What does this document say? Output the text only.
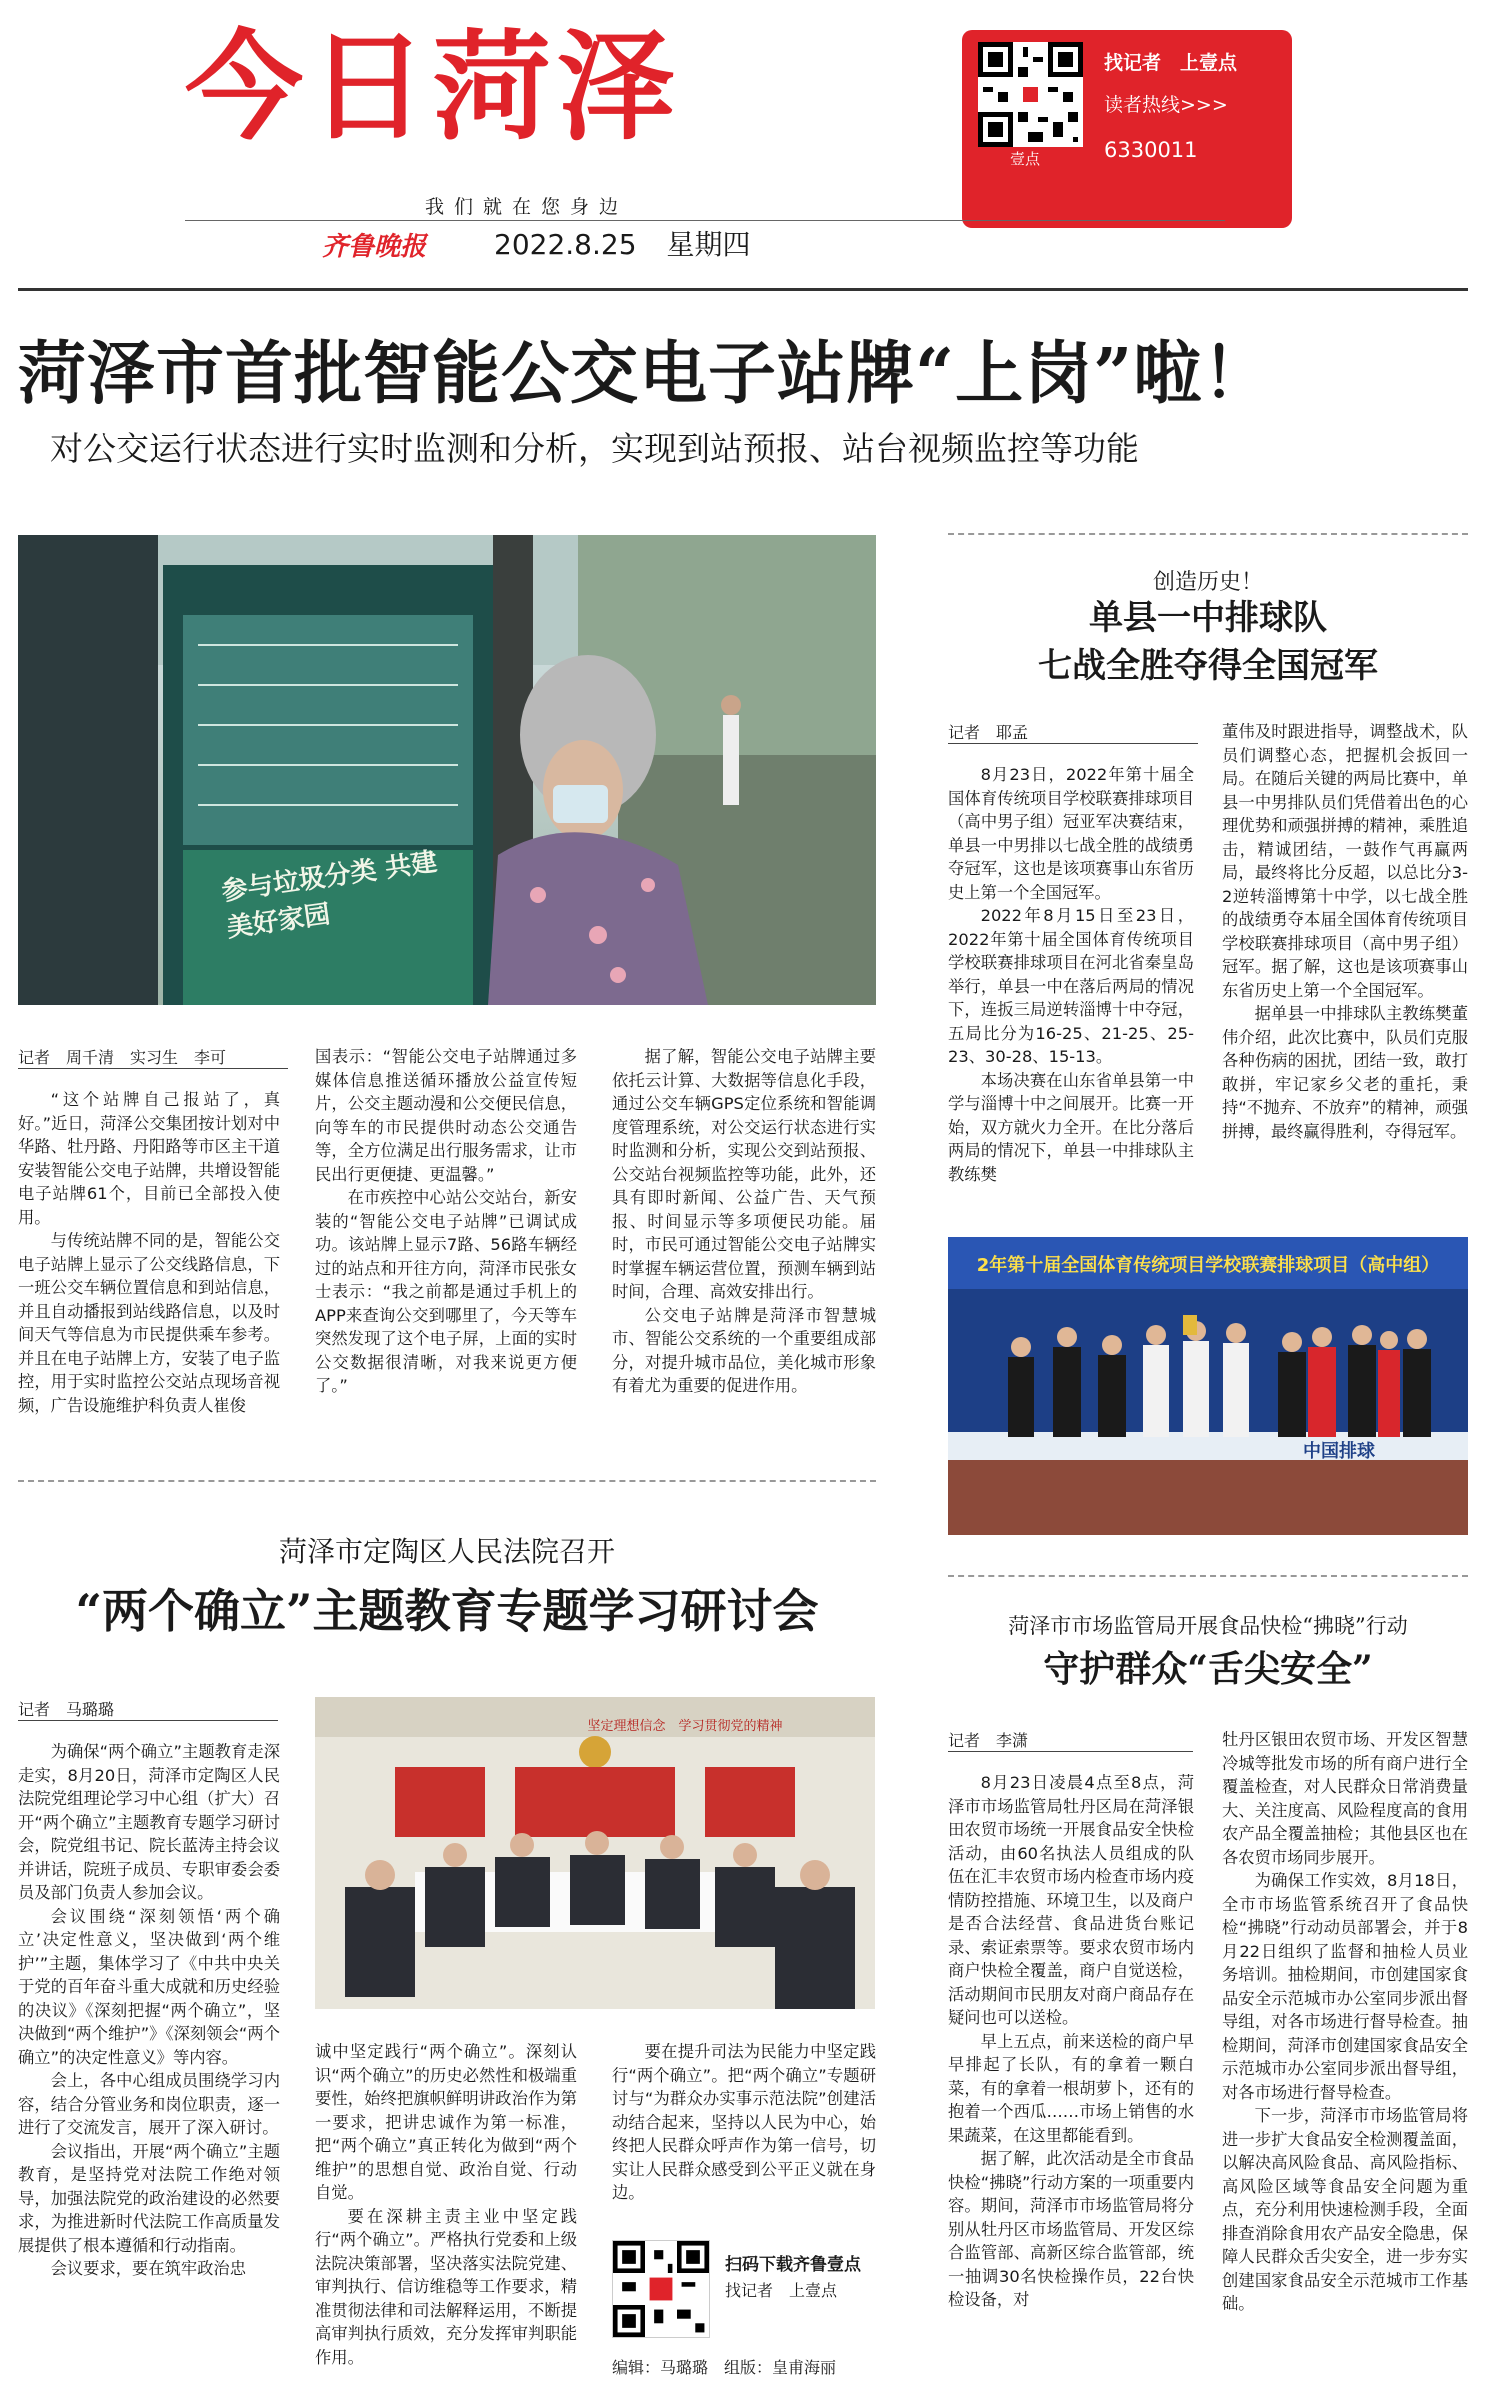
今日菏泽
壹点
找记者　上壹点
读者热线>>>
6330011
我们就在您身边
齐鲁晚报 2022.8.25 星期四
菏泽市首批智能公交电子站牌“上岗”啦！
对公交运行状态进行实时监测和分析，实现到站预报、站台视频监控等功能
参与垃圾分类 共建美好家园
记者　周千清　实习生　李可

“这个站牌自己报站了，真好。”近日，菏泽公交集团按计划对中华路、牡丹路、丹阳路等市区主干道安装智能公交电子站牌，共增设智能电子站牌61个，目前已全部投入使用。

与传统站牌不同的是，智能公交电子站牌上显示了公交线路信息，下一班公交车辆位置信息和到站信息，并且自动播报到站线路信息，以及时间天气等信息为市民提供乘车参考。并且在电子站牌上方，安装了电子监控，用于实时监控公交站点现场音视频，广告设施维护科负责人崔俊

国表示：“智能公交电子站牌通过多媒体信息推送循环播放公益宣传短片，公交主题动漫和公交便民信息，向等车的市民提供时动态公交通告等，全方位满足出行服务需求，让市民出行更便捷、更温馨。”

在市疾控中心站公交站台，新安装的“智能公交电子站牌”已调试成功。该站牌上显示7路、56路车辆经过的站点和开往方向，菏泽市民张女士表示：“我之前都是通过手机上的APP来查询公交到哪里了，今天等车突然发现了这个电子屏，上面的实时公交数据很清晰，对我来说更方便了。”

据了解，智能公交电子站牌主要依托云计算、大数据等信息化手段，通过公交车辆GPS定位系统和智能调度管理系统，对公交运行状态进行实时监测和分析，实现公交到站预报、公交站台视频监控等功能，此外，还具有即时新闻、公益广告、天气预报、时间显示等多项便民功能。届时，市民可通过智能公交电子站牌实时掌握车辆运营位置，预测车辆到站时间，合理、高效安排出行。

公交电子站牌是菏泽市智慧城市、智能公交系统的一个重要组成部分，对提升城市品位，美化城市形象有着尤为重要的促进作用。

创造历史！
单县一中排球队
七战全胜夺得全国冠军
记者　耶孟

8月23日，2022年第十届全国体育传统项目学校联赛排球项目（高中男子组）冠亚军决赛结束，单县一中男排以七战全胜的战绩勇夺冠军，这也是该项赛事山东省历史上第一个全国冠军。

2022年8月15日至23日，2022年第十届全国体育传统项目学校联赛排球项目在河北省秦皇岛举行，单县一中在落后两局的情况下，连扳三局逆转淄博十中夺冠，五局比分为16-25、21-25、25-23、30-28、15-13。

本场决赛在山东省单县第一中学与淄博十中之间展开。比赛一开始，双方就火力全开。在比分落后两局的情况下，单县一中排球队主教练樊

董伟及时跟进指导，调整战术，队员们调整心态，把握机会扳回一局。在随后关键的两局比赛中，单县一中男排队员们凭借着出色的心理优势和顽强拼搏的精神，乘胜追击，精诚团结，一鼓作气再赢两局，最终将比分反超，以总比分3-2逆转淄博第十中学，以七战全胜的战绩勇夺本届全国体育传统项目学校联赛排球项目（高中男子组）冠军。据了解，这也是该项赛事山东省历史上第一个全国冠军。

据单县一中排球队主教练樊董伟介绍，此次比赛中，队员们克服各种伤病的困扰，团结一致，敢打敢拼，牢记家乡父老的重托，秉持“不抛弃、不放弃”的精神，顽强拼搏，最终赢得胜利，夺得冠军。

2年第十届全国体育传统项目学校联赛排球项目（高中组）
中国排球
菏泽市定陶区人民法院召开
“两个确立”主题教育专题学习研讨会
记者　马璐璐

为确保“两个确立”主题教育走深走实，8月20日，菏泽市定陶区人民法院党组理论学习中心组（扩大）召开“两个确立”主题教育专题学习研讨会，院党组书记、院长蓝涛主持会议并讲话，院班子成员、专职审委会委员及部门负责人参加会议。

会议围绕“深刻领悟‘两个确立’决定性意义，坚决做到‘两个维护’”主题，集体学习了《中共中央关于党的百年奋斗重大成就和历史经验的决议》《深刻把握“两个确立”，坚决做到“两个维护”》《深刻领会“两个确立”的决定性意义》等内容。

会上，各中心组成员围绕学习内容，结合分管业务和岗位职责，逐一进行了交流发言，展开了深入研讨。

会议指出，开展“两个确立”主题教育，是坚持党对法院工作绝对领导，加强法院党的政治建设的必然要求，为推进新时代法院工作高质量发展提供了根本遵循和行动指南。

会议要求，要在筑牢政治忠

坚定理想信念　学习贯彻党的精神

诚中坚定践行“两个确立”。深刻认识“两个确立”的历史必然性和极端重要性，始终把旗帜鲜明讲政治作为第一要求，把讲忠诚作为第一标准，把“两个确立”真正转化为做到“两个维护”的思想自觉、政治自觉、行动自觉。

要在深耕主责主业中坚定践行“两个确立”。严格执行党委和上级法院决策部署，坚决落实法院党建、审判执行、信访维稳等工作要求，精准贯彻法律和司法解释运用，不断提高审判执行质效，充分发挥审判职能作用。

要在提升司法为民能力中坚定践行“两个确立”。把“两个确立”专题研讨与“为群众办实事示范法院”创建活动结合起来，坚持以人民为中心，始终把人民群众呼声作为第一信号，切实让人民群众感受到公平正义就在身边。

扫码下载齐鲁壹点
找记者　上壹点
编辑：马璐璐　组版：皇甫海丽
菏泽市市场监管局开展食品快检“拂晓”行动
守护群众“舌尖安全”
记者　李潇

8月23日凌晨4点至8点，菏泽市市场监管局牡丹区局在菏泽银田农贸市场统一开展食品安全快检活动，由60名执法人员组成的队伍在汇丰农贸市场内检查市场内疫情防控措施、环境卫生，以及商户是否合法经营、食品进货台账记录、索证索票等。要求农贸市场内商户快检全覆盖，商户自觉送检，活动期间市民朋友对商户商品存在疑问也可以送检。

早上五点，前来送检的商户早早排起了长队，有的拿着一颗白菜，有的拿着一根胡萝卜，还有的抱着一个西瓜……市场上销售的水果蔬菜，在这里都能看到。

据了解，此次活动是全市食品快检“拂晓”行动方案的一项重要内容。期间，菏泽市市场监管局将分别从牡丹区市场监管局、开发区综合监管部、高新区综合监管部，统一抽调30名快检操作员，22台快检设备，对

牡丹区银田农贸市场、开发区智慧冷城等批发市场的所有商户进行全覆盖检查，对人民群众日常消费量大、关注度高、风险程度高的食用农产品全覆盖抽检；其他县区也在各农贸市场同步展开。

为确保工作实效，8月18日，全市市场监管系统召开了食品快检“拂晓”行动动员部署会，并于8月22日组织了监督和抽检人员业务培训。抽检期间，市创建国家食品安全示范城市办公室同步派出督导组，对各市场进行督导检查。抽检期间，菏泽市创建国家食品安全示范城市办公室同步派出督导组，对各市场进行督导检查。

下一步，菏泽市市场监管局将进一步扩大食品安全检测覆盖面，以解决高风险食品、高风险指标、高风险区域等食品安全问题为重点，充分利用快速检测手段，全面排查消除食用农产品安全隐患，保障人民群众舌尖安全，进一步夯实创建国家食品安全示范城市工作基础。
